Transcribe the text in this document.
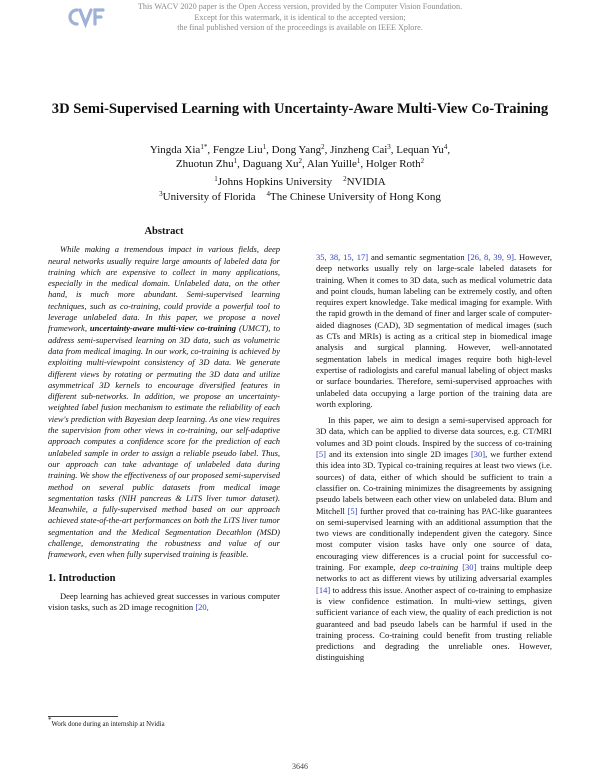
This WACV 2020 paper is the Open Access version, provided by the Computer Vision Foundation.
Except for this watermark, it is identical to the accepted version;
the final published version of the proceedings is available on IEEE Xplore.
3D Semi-Supervised Learning with Uncertainty-Aware Multi-View Co-Training
Yingda Xia$^{1*}$, Fengze Liu$^1$, Dong Yang$^2$, Jinzheng Cai$^3$, Lequan Yu$^4$,
Zhuotun Zhu$^1$, Daguang Xu$^2$, Alan Yuille$^1$, Holger Roth$^2$
$^1$Johns Hopkins University $^2$NVIDIA
$^3$University of Florida $^4$The Chinese University of Hong Kong
Abstract

While making a tremendous impact in various fields, deep neural networks usually require large amounts of labeled data for training which are expensive to collect in many applications, especially in the medical domain. Unlabeled data, on the other hand, is much more abundant. Semi-supervised learning techniques, such as co-training, could provide a powerful tool to leverage unlabeled data. In this paper, we propose a novel framework, uncertainty-aware multi-view co-training (UMCT), to address semi-supervised learning on 3D data, such as volumetric data from medical imaging. In our work, co-training is achieved by exploiting multi-viewpoint consistency of 3D data. We generate different views by rotating or permuting the 3D data and utilize asymmetrical 3D kernels to encourage diversified features in different sub-networks. In addition, we propose an uncertainty-weighted label fusion mechanism to estimate the reliability of each view's prediction with Bayesian deep learning. As one view requires the supervision from other views in co-training, our self-adaptive approach computes a confidence score for the prediction of each unlabeled sample in order to assign a reliable pseudo label. Thus, our approach can take advantage of unlabeled data during training. We show the effectiveness of our proposed semi-supervised method on several public datasets from medical image segmentation tasks (NIH pancreas & LiTS liver tumor dataset). Meanwhile, a fully-supervised method based on our approach achieved state-of-the-art performances on both the LiTS liver tumor segmentation and the Medical Segmentation Decathlon (MSD) challenge, demonstrating the robustness and value of our framework, even when fully supervised training is feasible.

1. Introduction

Deep learning has achieved great successes in various computer vision tasks, such as 2D image recognition [20,

35, 38, 15, 17] and semantic segmentation [26, 8, 39, 9]. However, deep networks usually rely on large-scale labeled datasets for training. When it comes to 3D data, such as medical volumetric data and point clouds, human labeling can be extremely costly, and often requires expert knowledge. Take medical imaging for example. With the rapid growth in the demand of finer and larger scale of computer-aided diagnoses (CAD), 3D segmentation of medical images (such as CTs and MRIs) is acting as a critical step in biomedical image analysis and surgical planning. However, well-annotated segmentation labels in medical images require both high-level expertise of radiologists and careful manual labeling of object masks or surface boundaries. Therefore, semi-supervised approaches with unlabeled data occupying a large portion of the training data are worth exploring.

In this paper, we aim to design a semi-supervised approach for 3D data, which can be applied to diverse data sources, e.g. CT/MRI volumes and 3D point clouds. Inspired by the success of co-training [5] and its extension into single 2D images [30], we further extend this idea into 3D. Typical co-training requires at least two views (i.e. sources) of data, either of which should be sufficient to train a classifier on. Co-training minimizes the disagreements by assigning pseudo labels between each other view on unlabeled data. Blum and Mitchell [5] further proved that co-training has PAC-like guarantees on semi-supervised learning with an additional assumption that the two views are conditionally independent given the category. Since most computer vision tasks have only one source of data, encouraging view differences is a crucial point for successful co-training. For example, deep co-training [30] trains multiple deep networks to act as different views by utilizing adversarial examples [14] to address this issue. Another aspect of co-training to emphasize is view confidence estimation. In multi-view settings, given sufficient variance of each view, the quality of each prediction is not guaranteed and bad pseudo labels can be harmful if used in the training process. Co-training could benefit from trusting reliable predictions and degrading the unreliable ones. However, distinguishing

*Work done during an internship at Nvidia
3646
